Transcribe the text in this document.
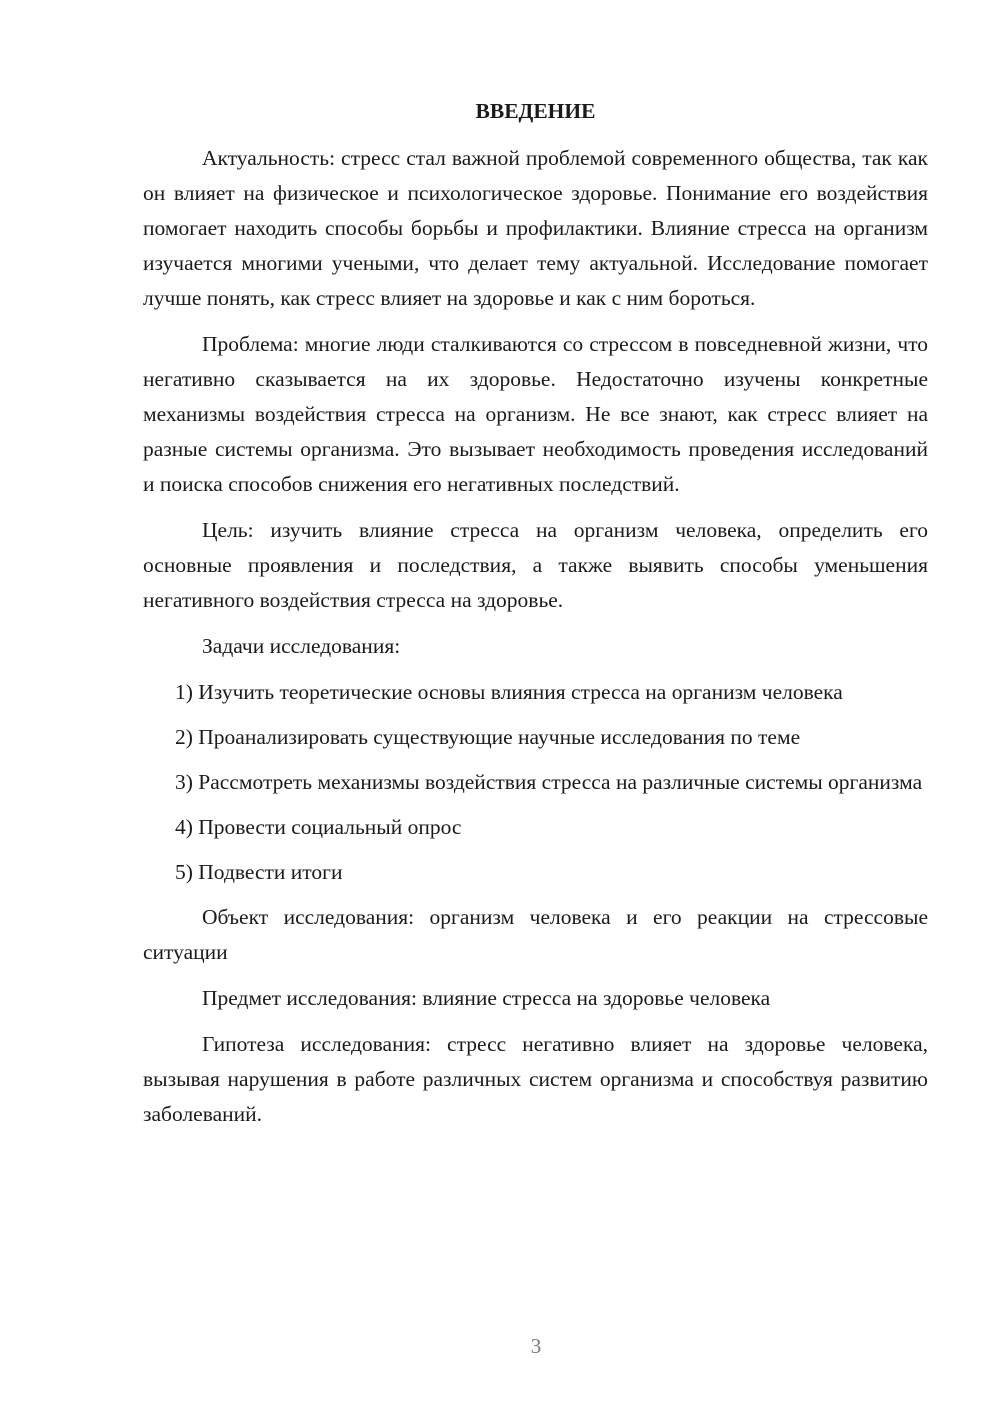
ВВЕДЕНИЕ

Актуальность: стресс стал важной проблемой современного общества, так как он влияет на физическое и психологическое здоровье. Понимание его воздействия помогает находить способы борьбы и профилактики. Влияние стресса на организм изучается многими учеными, что делает тему актуальной. Исследование помогает лучше понять, как стресс влияет на здоровье и как с ним бороться.

Проблема: многие люди сталкиваются со стрессом в повседневной жизни, что негативно сказывается на их здоровье. Недостаточно изучены конкретные механизмы воздействия стресса на организм. Не все знают, как стресс влияет на разные системы организма. Это вызывает необходимость проведения исследований и поиска способов снижения его негативных последствий.

Цель: изучить влияние стресса на организм человека, определить его основные проявления и последствия, а также выявить способы уменьшения негативного воздействия стресса на здоровье.

Задачи исследования:

1) Изучить теоретические основы влияния стресса на организм человека

2) Проанализировать существующие научные исследования по теме

3) Рассмотреть механизмы воздействия стресса на различные системы организма

4) Провести социальный опрос

5) Подвести итоги

Объект исследования: организм человека и его реакции на стрессовые ситуации

Предмет исследования: влияние стресса на здоровье человека

Гипотеза исследования: стресс негативно влияет на здоровье человека, вызывая нарушения в работе различных систем организма и способствуя развитию заболеваний.

3
